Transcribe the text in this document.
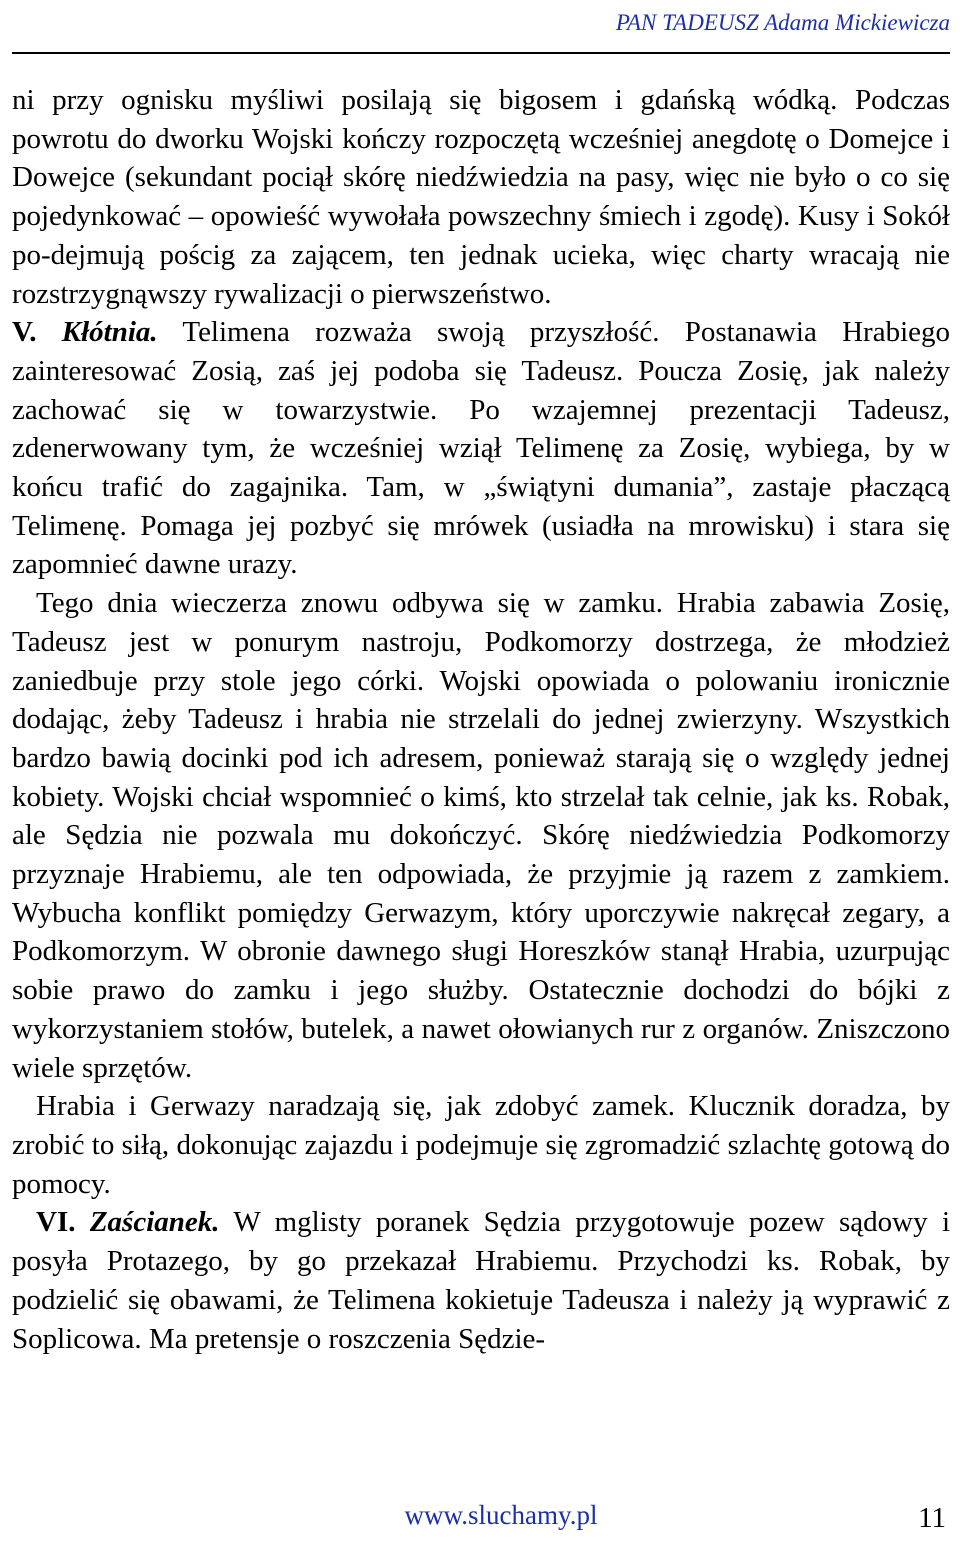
PAN TADEUSZ Adama Mickiewicza

ni przy ognisku myśliwi posilają się bigosem i gdańską wódką. Podczas powrotu do dworku Wojski kończy rozpoczętą wcześniej anegdotę o Domejce i Dowejce (sekundant pociął skórę niedźwiedzia na pasy, więc nie było o co się pojedynkować – opowieść wywołała powszechny śmiech i zgodę). Kusy i Sokół po-dejmują pościg za zającem, ten jednak ucieka, więc charty wracają nie rozstrzygnąwszy rywalizacji o pierwszeństwo.

V. Kłótnia. Telimena rozważa swoją przyszłość. Postanawia Hrabiego zainteresować Zosią, zaś jej podoba się Tadeusz. Poucza Zosię, jak należy zachować się w towarzystwie. Po wzajemnej prezentacji Tadeusz, zdenerwowany tym, że wcześniej wziął Telimenę za Zosię, wybiega, by w końcu trafić do zagajnika. Tam, w „świątyni dumania”, zastaje płaczącą Telimenę. Pomaga jej pozbyć się mrówek (usiadła na mrowisku) i stara się zapomnieć dawne urazy.

Tego dnia wieczerza znowu odbywa się w zamku. Hrabia zabawia Zosię, Tadeusz jest w ponurym nastroju, Podkomorzy dostrzega, że młodzież zaniedbuje przy stole jego córki. Wojski opowiada o polowaniu ironicznie dodając, żeby Tadeusz i hrabia nie strzelali do jednej zwierzyny. Wszystkich bardzo bawią docinki pod ich adresem, ponieważ starają się o względy jednej kobiety. Wojski chciał wspomnieć o kimś, kto strzelał tak celnie, jak ks. Robak, ale Sędzia nie pozwala mu dokończyć. Skórę niedźwiedzia Podkomorzy przyznaje Hrabiemu, ale ten odpowiada, że przyjmie ją razem z zamkiem. Wybucha konflikt pomiędzy Gerwazym, który uporczywie nakręcał zegary, a Podkomorzym. W obronie dawnego sługi Horeszków stanął Hrabia, uzurpując sobie prawo do zamku i jego służby. Ostatecznie dochodzi do bójki z wykorzystaniem stołów, butelek, a nawet ołowianych rur z organów. Zniszczono wiele sprzętów.

Hrabia i Gerwazy naradzają się, jak zdobyć zamek. Klucznik doradza, by zrobić to siłą, dokonując zajazdu i podejmuje się zgromadzić szlachtę gotową do pomocy.

VI. Zaścianek. W mglisty poranek Sędzia przygotowuje pozew sądowy i posyła Protazego, by go przekazał Hrabiemu. Przychodzi ks. Robak, by podzielić się obawami, że Telimena kokietuje Tadeusza i należy ją wyprawić z Soplicowa. Ma pretensje o roszczenia Sędzie-

www.sluchamy.pl	11
